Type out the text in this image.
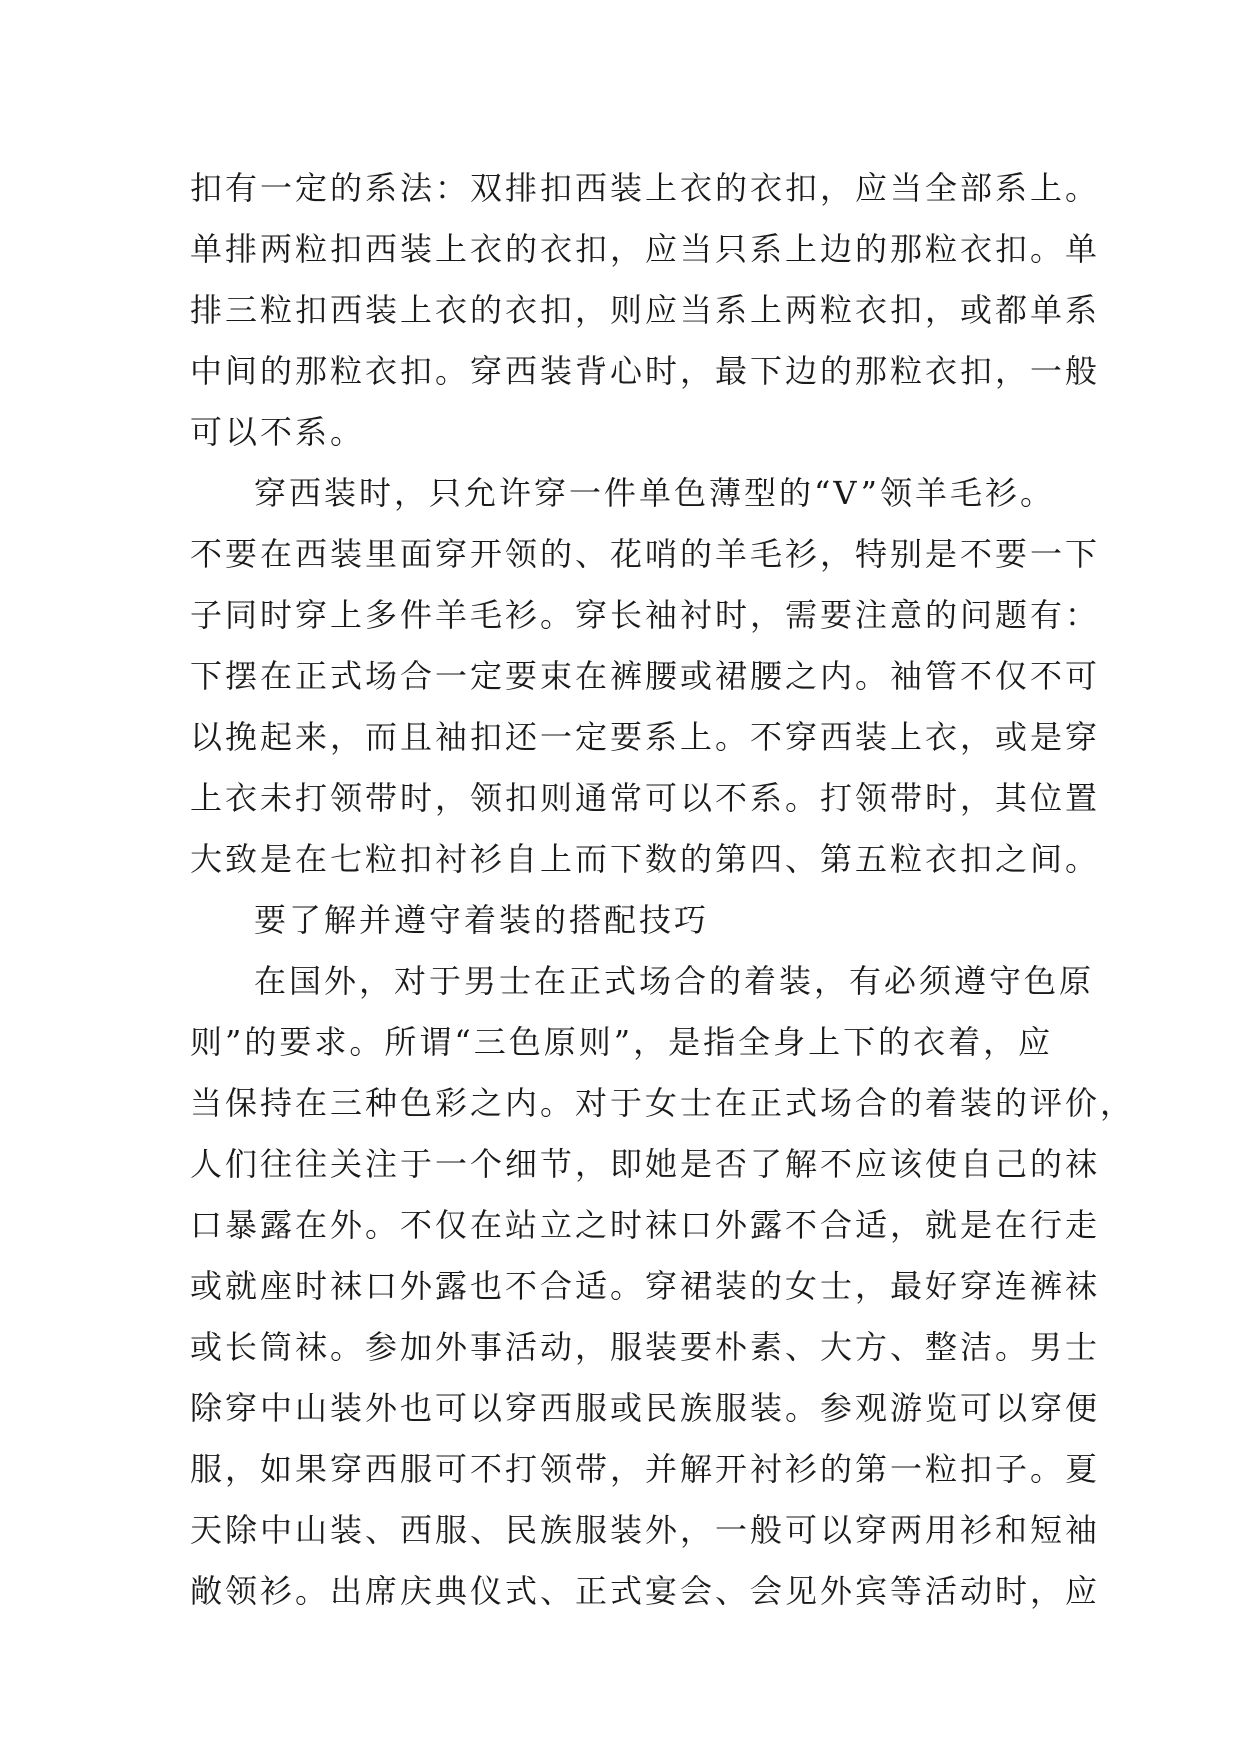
扣有一定的系法：双排扣西装上衣的衣扣，应当全部系上。
单排两粒扣西装上衣的衣扣，应当只系上边的那粒衣扣。单
排三粒扣西装上衣的衣扣，则应当系上两粒衣扣，或都单系
中间的那粒衣扣。穿西装背心时，最下边的那粒衣扣，一般
可以不系。
穿西装时，只允许穿一件单色薄型的“V”领羊毛衫。
不要在西装里面穿开领的、花哨的羊毛衫，特别是不要一下
子同时穿上多件羊毛衫。穿长袖衬时，需要注意的问题有：
下摆在正式场合一定要束在裤腰或裙腰之内。袖管不仅不可
以挽起来，而且袖扣还一定要系上。不穿西装上衣，或是穿
上衣未打领带时，领扣则通常可以不系。打领带时，其位置
大致是在七粒扣衬衫自上而下数的第四、第五粒衣扣之间。
要了解并遵守着装的搭配技巧
在国外，对于男士在正式场合的着装，有必须遵守色原
则”的要求。所谓“三色原则”，是指全身上下的衣着，应
当保持在三种色彩之内。对于女士在正式场合的着装的评价，
人们往往关注于一个细节，即她是否了解不应该使自己的袜
口暴露在外。不仅在站立之时袜口外露不合适，就是在行走
或就座时袜口外露也不合适。穿裙装的女士，最好穿连裤袜
或长筒袜。参加外事活动，服装要朴素、大方、整洁。男士
除穿中山装外也可以穿西服或民族服装。参观游览可以穿便
服，如果穿西服可不打领带，并解开衬衫的第一粒扣子。夏
天除中山装、西服、民族服装外，一般可以穿两用衫和短袖
敞领衫。出席庆典仪式、正式宴会、会见外宾等活动时，应
